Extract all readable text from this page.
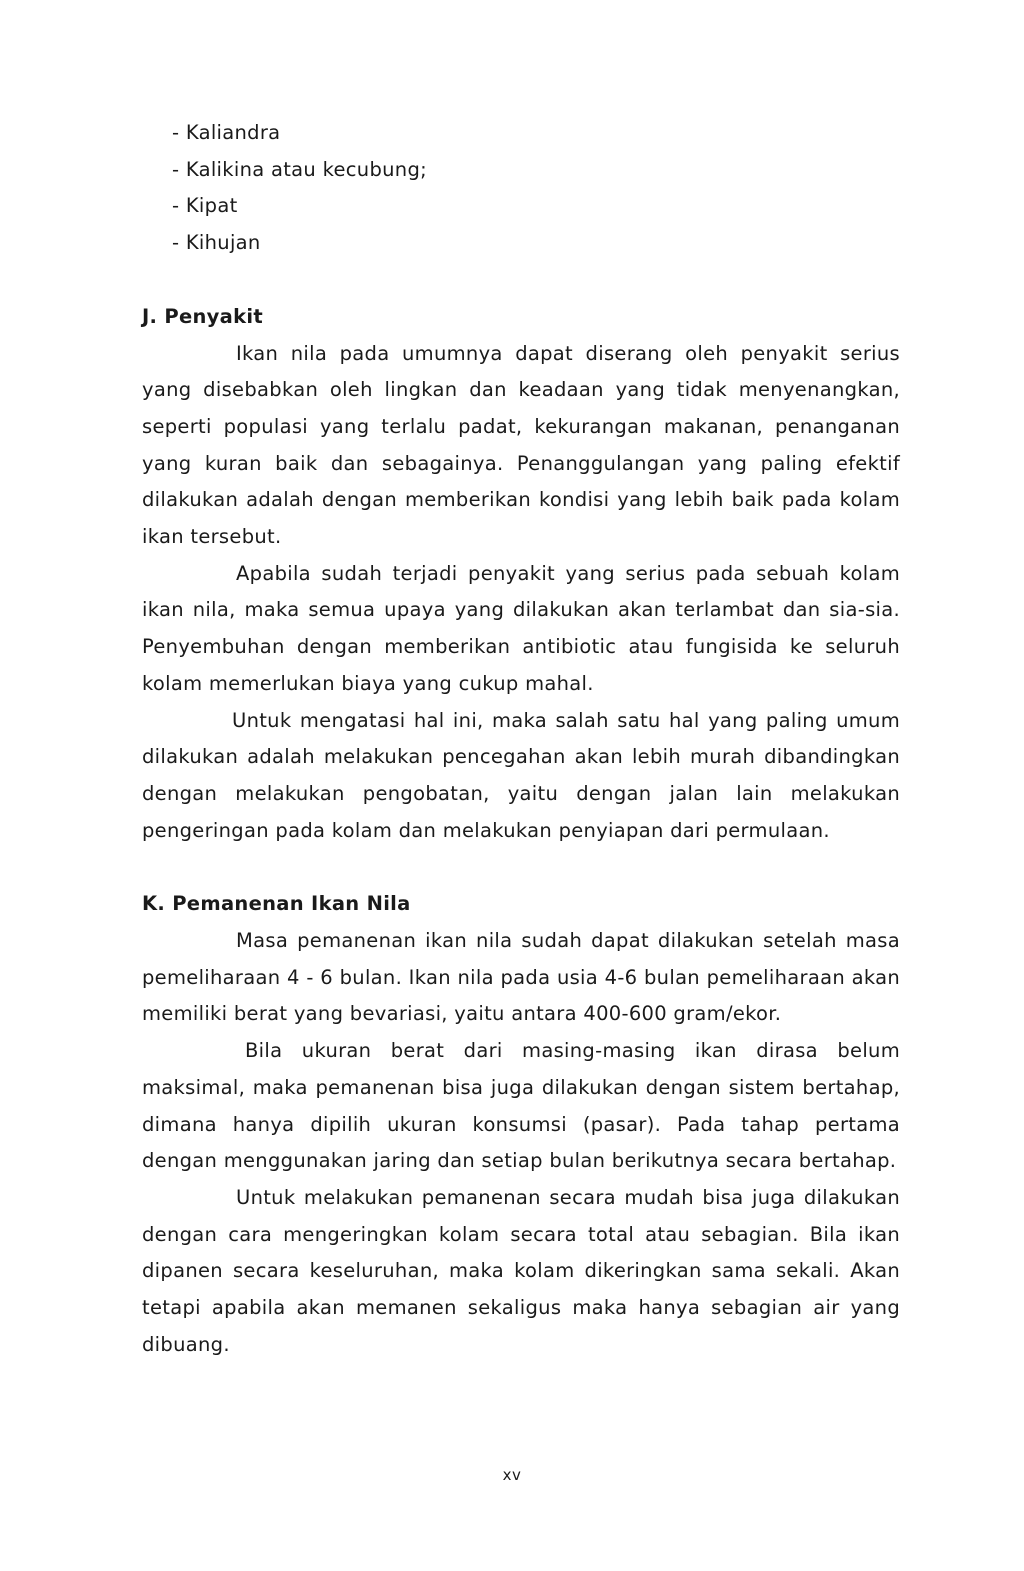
- Kaliandra
- Kalikina atau kecubung;
- Kipat
- Kihujan
J. Penyakit

Ikan nila pada umumnya dapat diserang oleh penyakit serius yang disebabkan oleh lingkan dan keadaan yang tidak menyenangkan, seperti populasi yang terlalu padat, kekurangan makanan, penanganan yang kuran baik dan sebagainya. Penanggulangan yang paling efektif dilakukan adalah dengan memberikan kondisi yang lebih baik pada kolam ikan tersebut.

Apabila sudah terjadi penyakit yang serius pada sebuah kolam ikan nila, maka semua upaya yang dilakukan akan terlambat dan sia-sia. Penyembuhan dengan memberikan antibiotic atau fungisida ke seluruh kolam memerlukan biaya yang cukup mahal.

Untuk mengatasi hal ini, maka salah satu hal yang paling umum dilakukan adalah melakukan pencegahan akan lebih murah dibandingkan dengan melakukan pengobatan, yaitu dengan jalan lain melakukan pengeringan pada kolam dan melakukan penyiapan dari permulaan.

K. Pemanenan Ikan Nila

Masa pemanenan ikan nila sudah dapat dilakukan setelah masa pemeliharaan 4 - 6 bulan. Ikan nila pada usia 4-6 bulan pemeliharaan akan memiliki berat yang bevariasi, yaitu antara 400-600 gram/ekor.

Bila ukuran berat dari masing-masing ikan dirasa belum maksimal, maka pemanenan bisa juga dilakukan dengan sistem bertahap, dimana hanya dipilih ukuran konsumsi (pasar). Pada tahap pertama dengan menggunakan jaring dan setiap bulan berikutnya secara bertahap.

Untuk melakukan pemanenan secara mudah bisa juga dilakukan dengan cara mengeringkan kolam secara total atau sebagian. Bila ikan dipanen secara keseluruhan, maka kolam dikeringkan sama sekali. Akan tetapi apabila akan memanen sekaligus maka hanya sebagian air yang dibuang.

xv
